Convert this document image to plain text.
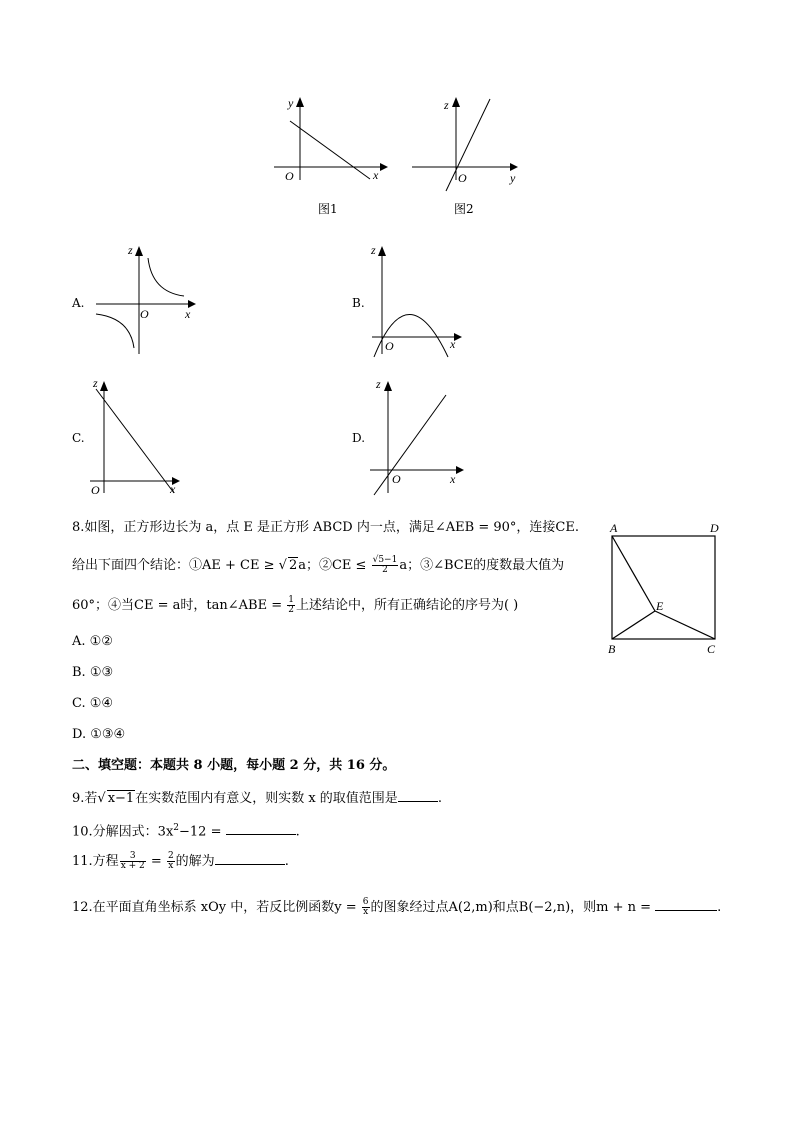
y
x
O
图1
z
y
O
图2
A.
z
x
O
B.
z
x
O
C.
z
x
O
D.
z
x
O
8.如图，正方形边长为 a，点 E 是正方形 ABCD 内一点，满足∠AEB = 90°，连接CE.
给出下面四个结论：①AE + CE ≥ √ 2a；②CE ≤ $\frac{√5-1}{2}$ a；③∠BCE的度数最大值为
60°；④当CE = a时，tan∠ABE = $\frac{1}{2}$ 上述结论中，所有正确结论的序号为( )
A. ①②
B. ①③
C. ①④
D. ①③④
A	D
E
B	C
二、填空题：本题共 8 小题，每小题 2 分，共 16 分。
9.若√ x−1在实数范围内有意义，则实数 x 的取值范围是	.
10.分解因式：$3x^2-12$ =	.
11.方程 $\frac{3}{x + 2} = \frac{2}{x}$ 的解为	.
12.在平面直角坐标系 xOy 中，若反比例函数$y = \frac{6}{x}$ 的图象经过点A(2,m)和点B(−2,n)，则m + n =	.
